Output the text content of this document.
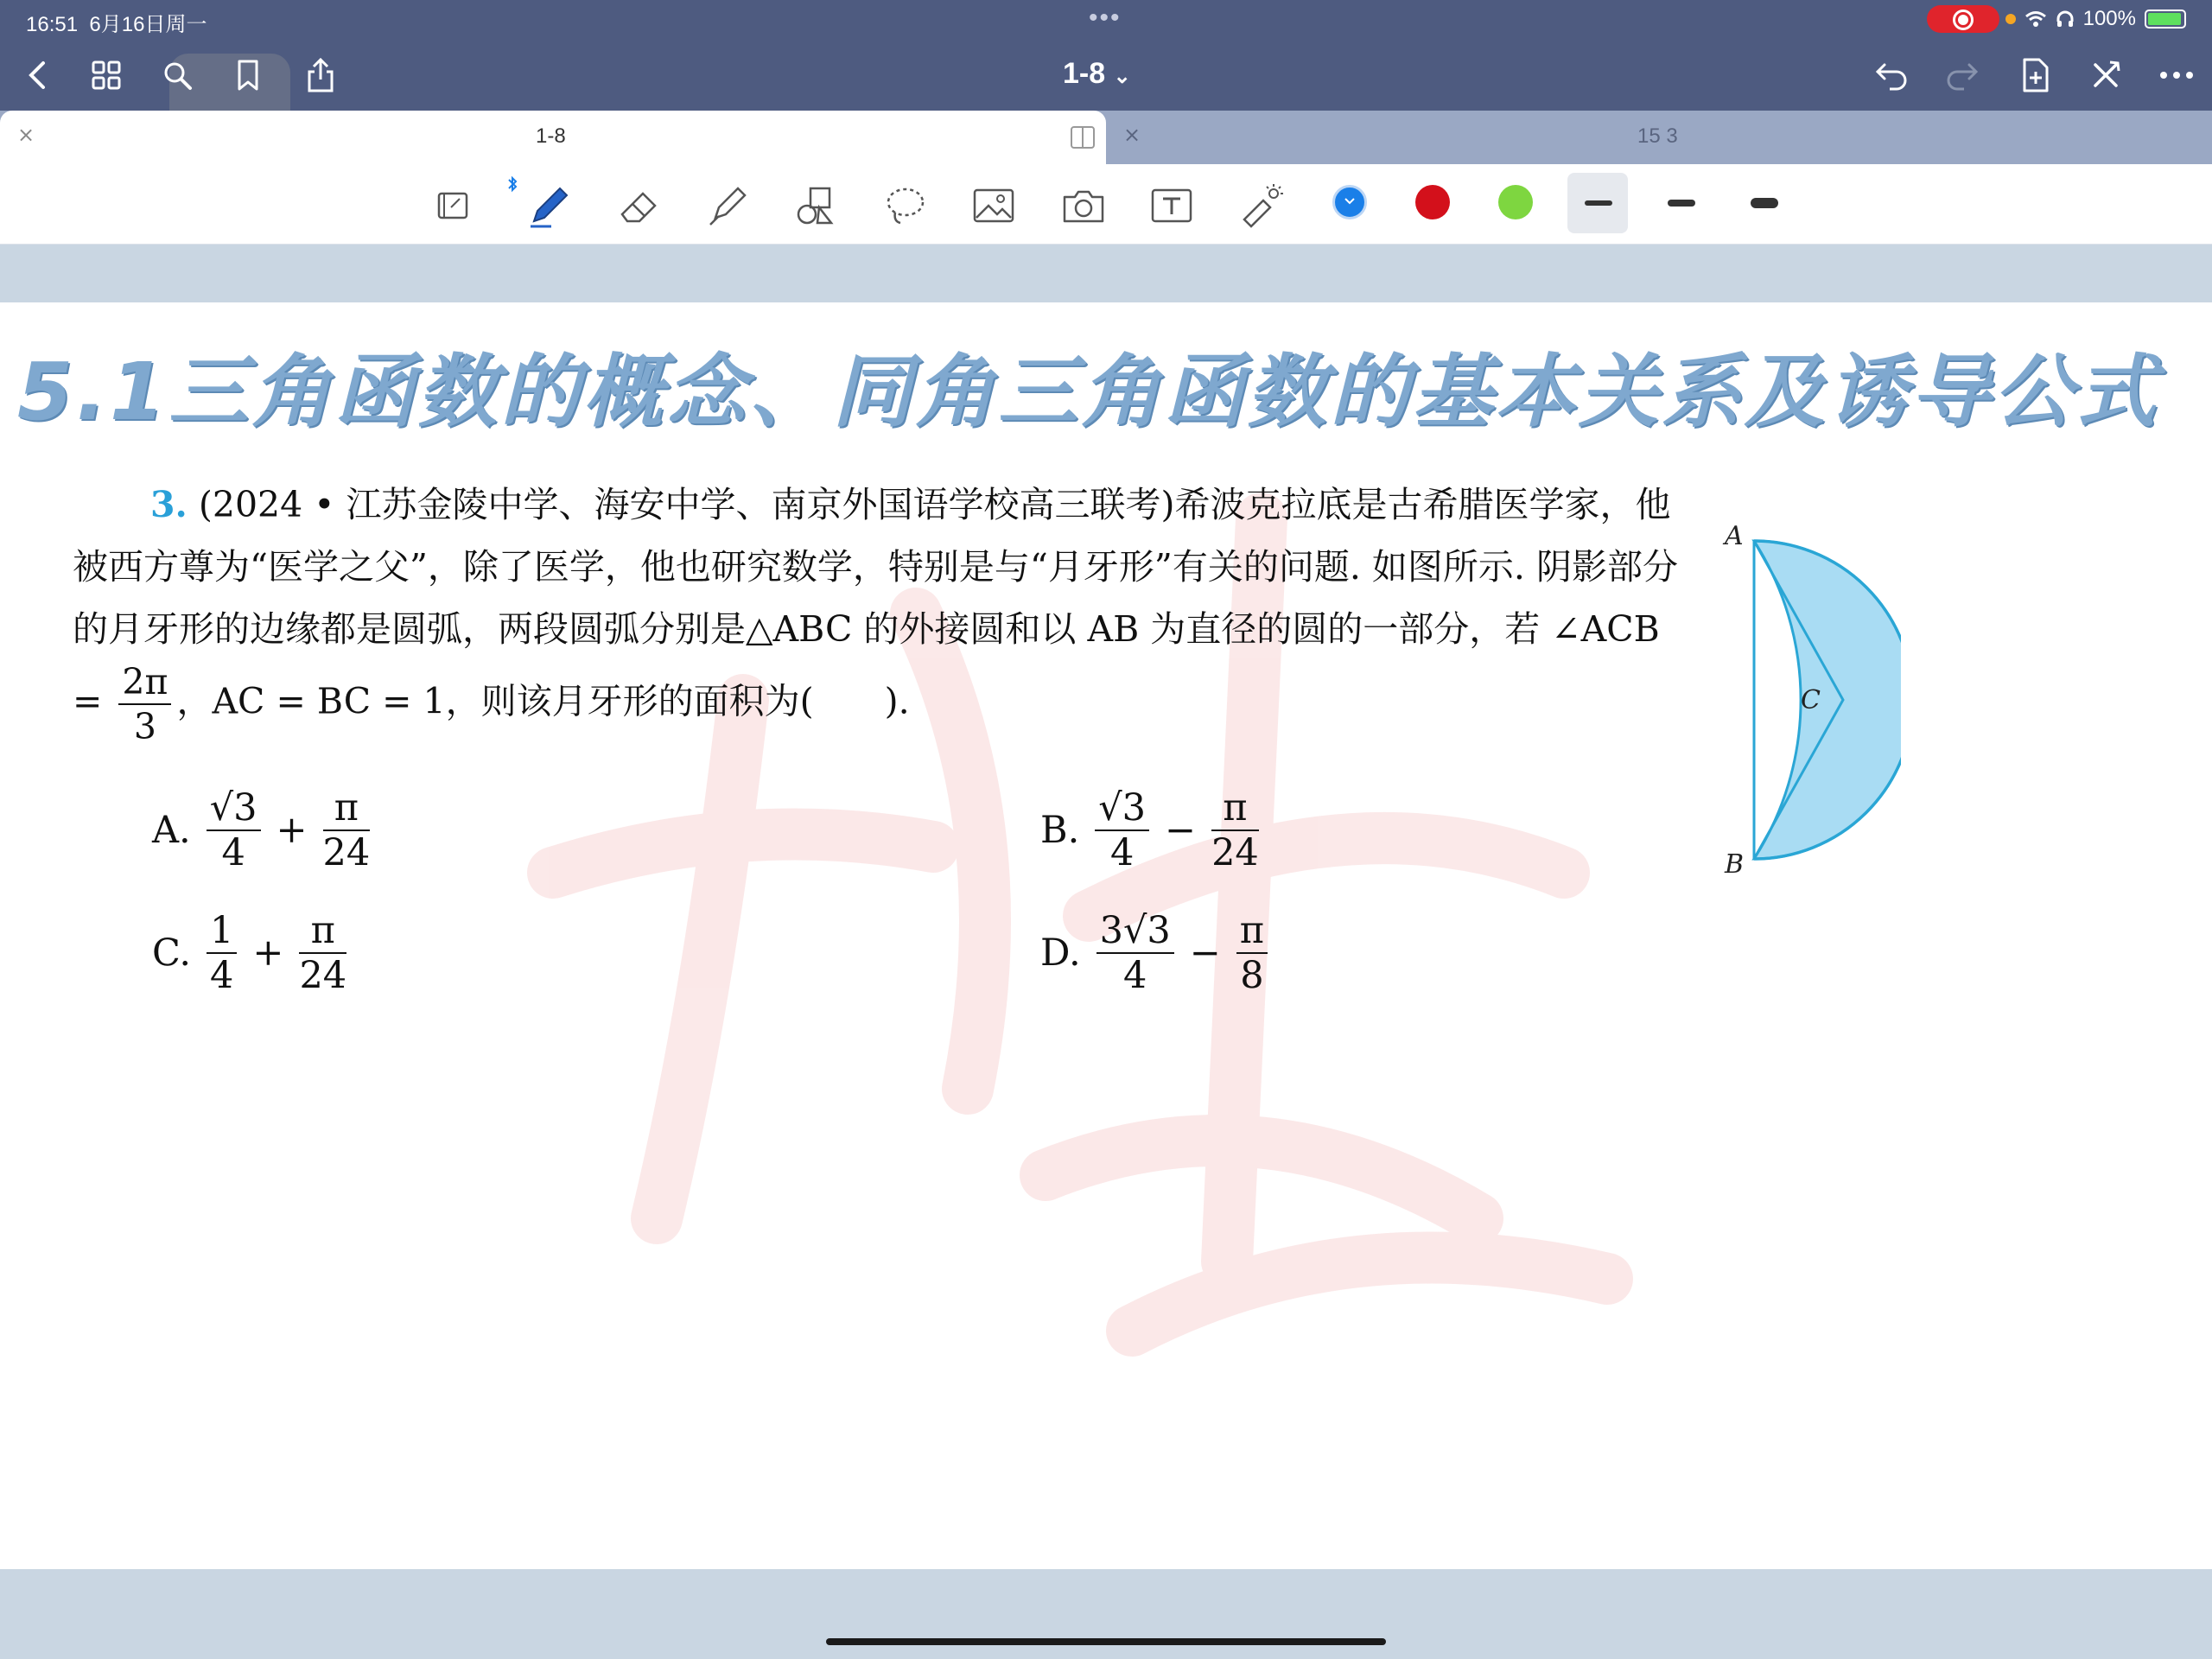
16:51 6月16日周一	•••	100%
1-8 ⌄
×	1-8	×	15 3
5.1三角函数的概念、同角三角函数的基本关系及诱导公式
3. (2024 • 江苏金陵中学、海安中学、南京外国语学校高三联考)希波克拉底是古希腊医学家，他被西方尊为“医学之父”，除了医学，他也研究数学，特别是与“月牙形”有关的问题. 如图所示. 阴影部分的月牙形的边缘都是圆弧，两段圆弧分别是△ABC 的外接圆和以 AB 为直径的圆的一部分，若 ∠ACB = $\frac{2\pi}{3}$ ，AC = BC = 1，则该月牙形的面积为(　　).
A. $\frac{√3}{4} + \frac{\pi}{24}$	B. $\frac{√3}{4} - \frac{\pi}{24}$
C. $\frac{1}{4} + \frac{\pi}{24}$	D. $\frac{3√3}{4} - \frac{\pi}{8}$
A
B
C
